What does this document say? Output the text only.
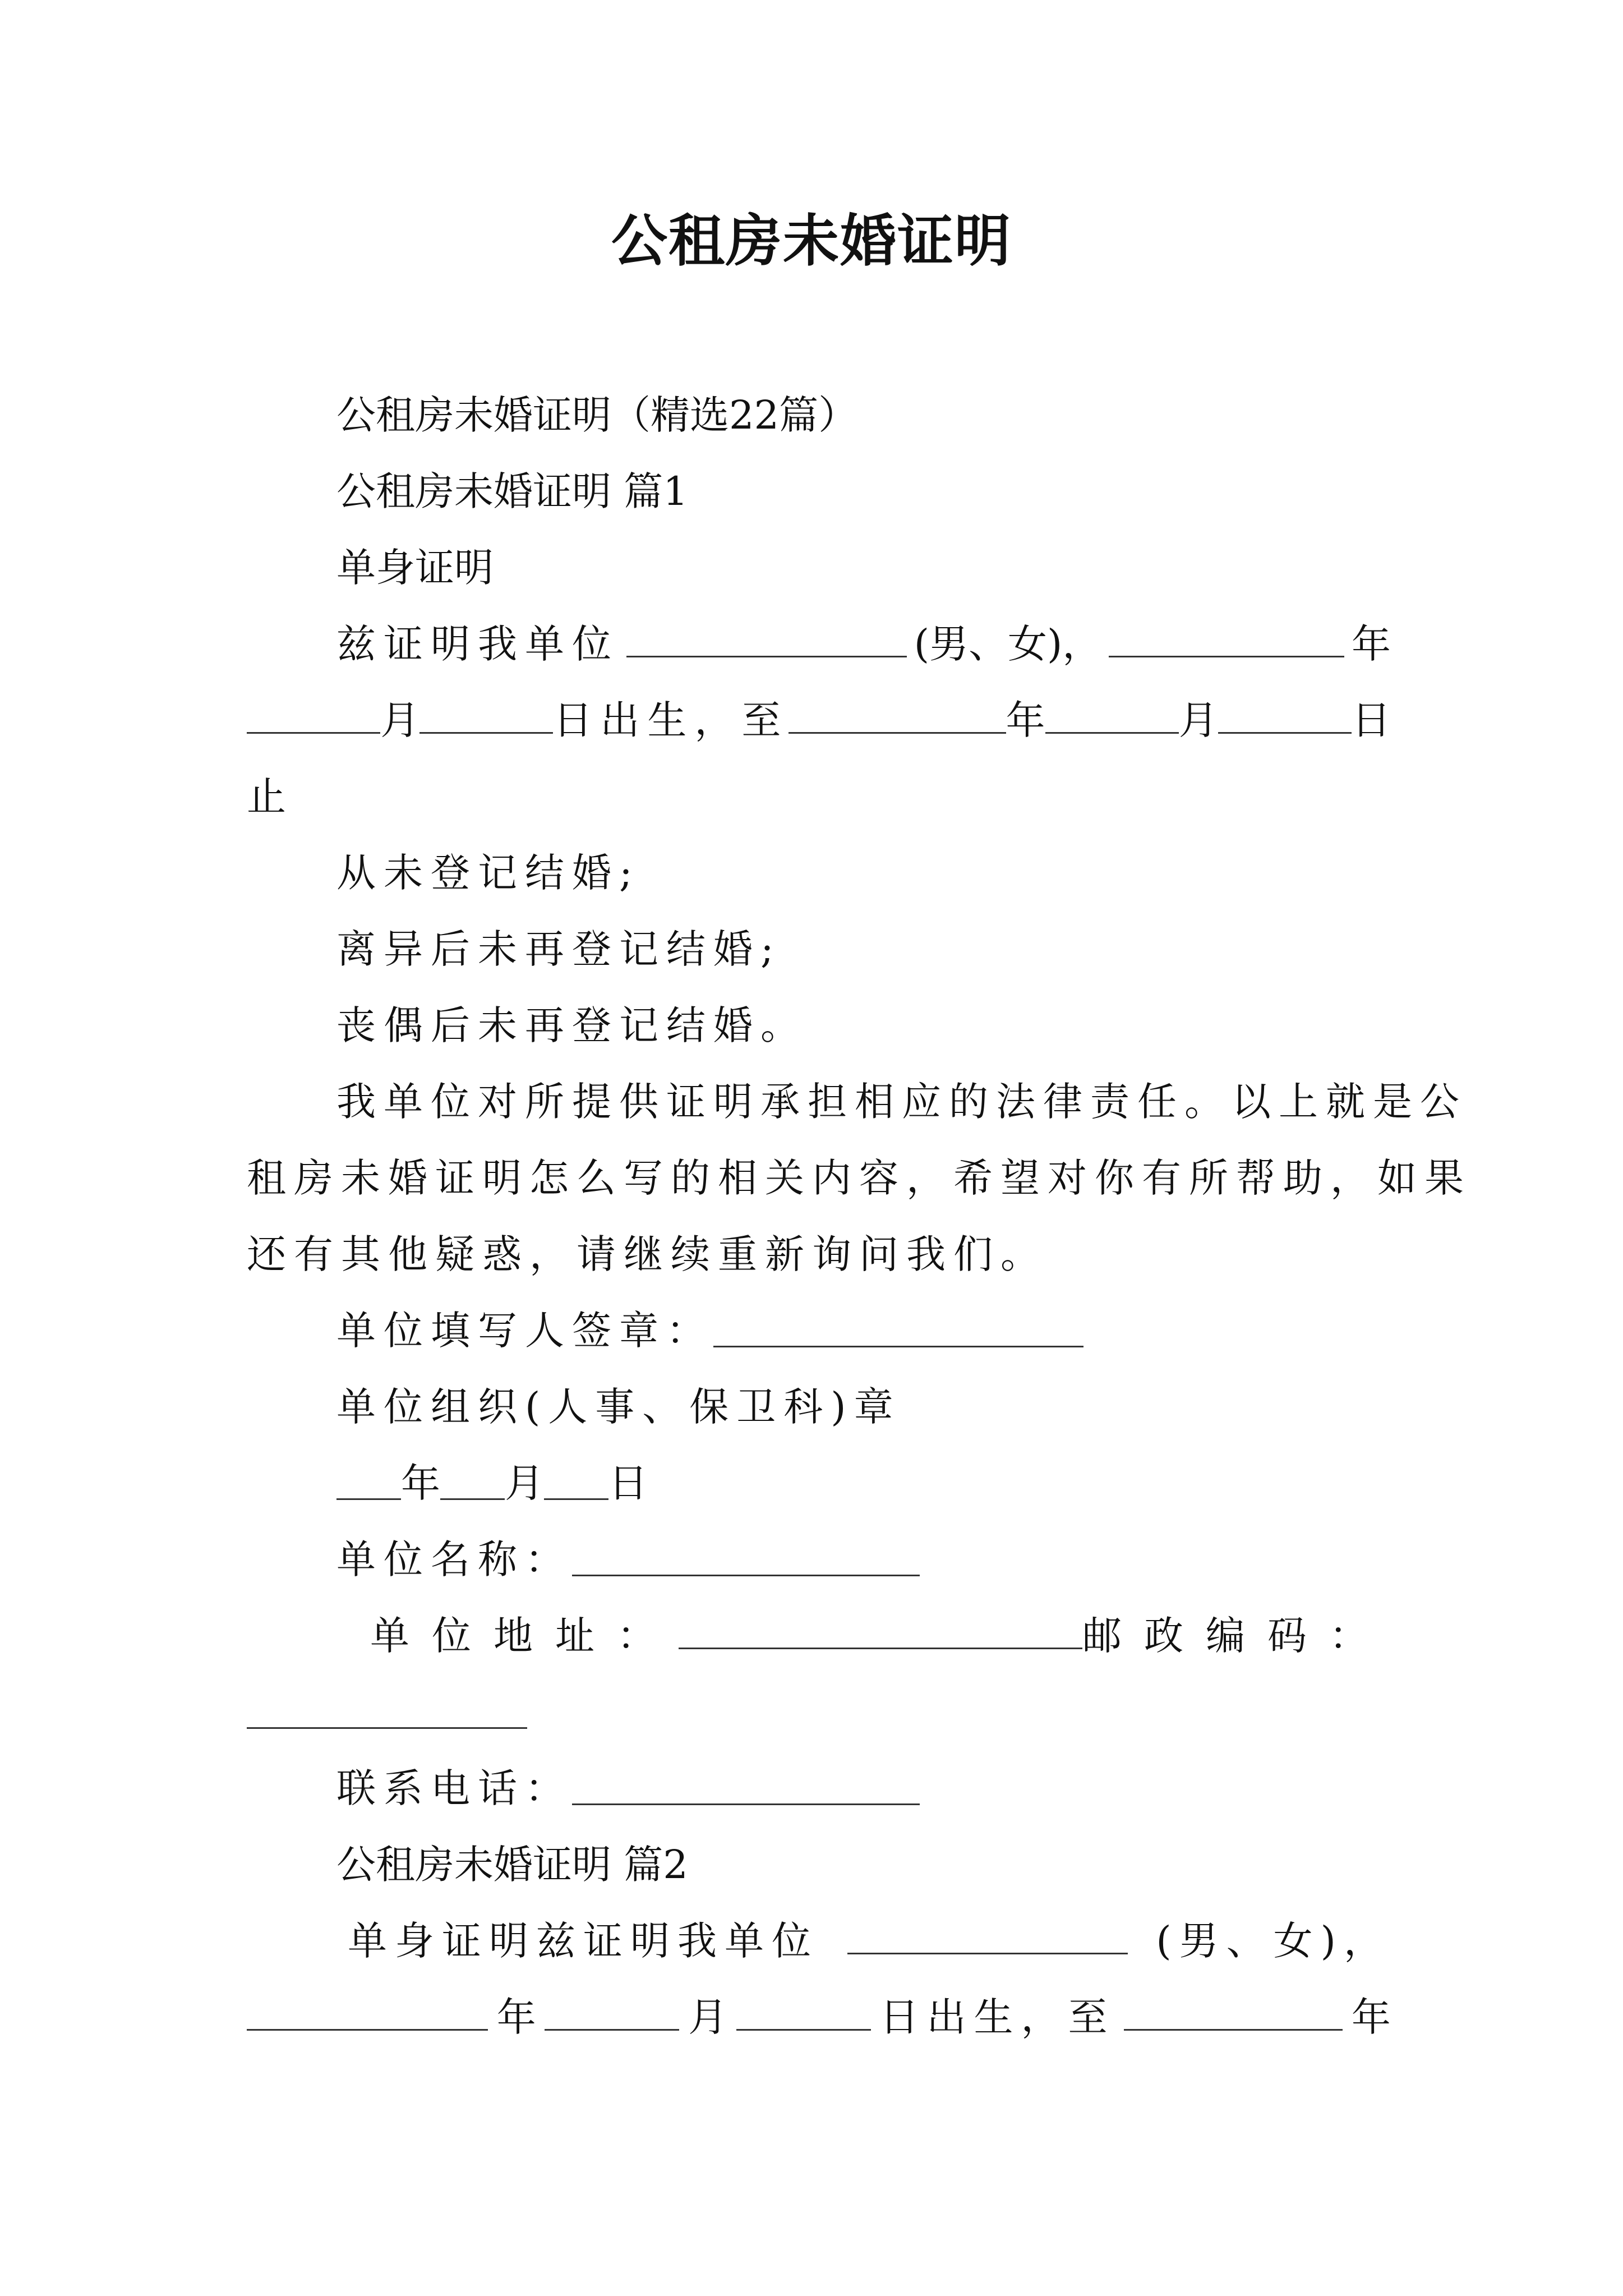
公租房未婚证明
公租房未婚证明（精选22篇）
公租房未婚证明 篇1
单身证明
兹证明我单位	(男、女)，	年
月	日出生，至	年	月	日
止
从未登记结婚;
离异后未再登记结婚;
丧偶后未再登记结婚。
我单位对所提供证明承担相应的法律责任。以上就是公
租房未婚证明怎么写的相关内容，希望对你有所帮助，如果
还有其他疑惑，请继续重新询问我们。
单位填写人签章：
单位组织(人事、保卫科)章
年 月 日
单位名称：
单位地址：	邮政编码：
联系电话：
公租房未婚证明 篇2
单身证明兹证明我单位	(男、女)，
年	月	日出生，至	年
